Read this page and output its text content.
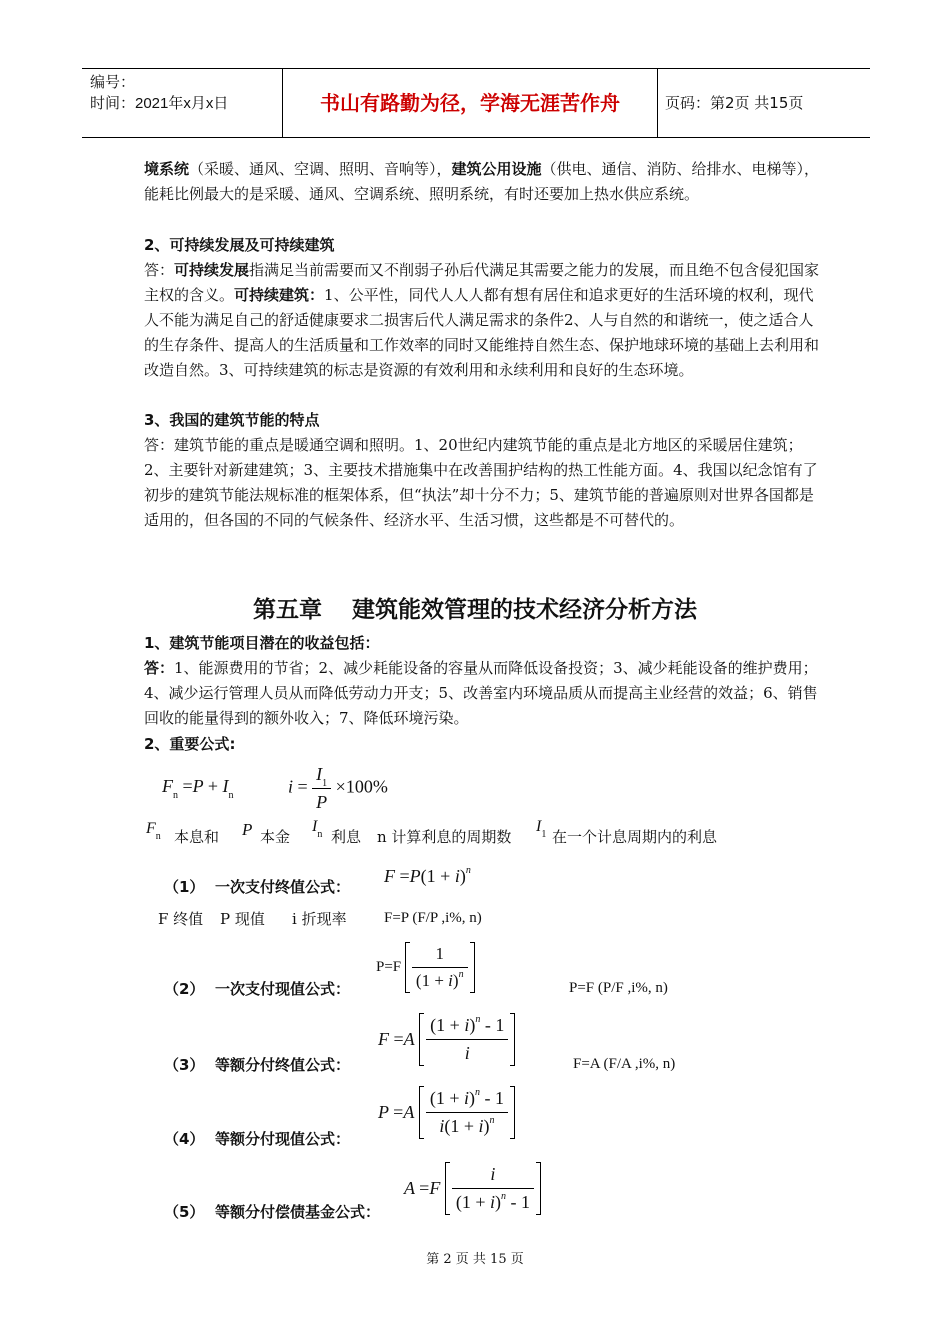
编号：
时间：2021年x月x日	书山有路勤为径，学海无涯苦作舟	页码：第2页 共15页
境系统（采暖、通风、空调、照明、音响等），建筑公用设施（供电、通信、消防、给排水、电梯等），能耗比例最大的是采暖、通风、空调系统、照明系统，有时还要加上热水供应系统。
2、可持续发展及可持续建筑
答：可持续发展指满足当前需要而又不削弱子孙后代满足其需要之能力的发展，而且绝不包含侵犯国家主权的含义。可持续建筑：1、公平性，同代人人人都有想有居住和追求更好的生活环境的权利，现代人不能为满足自己的舒适健康要求二损害后代人满足需求的条件2、人与自然的和谐统一，使之适合人的生存条件、提高人的生活质量和工作效率的同时又能维持自然生态、保护地球环境的基础上去利用和改造自然。3、可持续建筑的标志是资源的有效利用和永续利用和良好的生态环境。
3、我国的建筑节能的特点
答：建筑节能的重点是暖通空调和照明。1、20世纪内建筑节能的重点是北方地区的采暖居住建筑；2、主要针对新建建筑；3、主要技术措施集中在改善围护结构的热工性能方面。4、我国以纪念馆有了初步的建筑节能法规标准的框架体系，但“执法”却十分不力；5、建筑节能的普遍原则对世界各国都是适用的，但各国的不同的气候条件、经济水平、生活习惯，这些都是不可替代的。
第五章 建筑能效管理的技术经济分析方法
1、建筑节能项目潜在的收益包括：
答：1、能源费用的节省；2、减少耗能设备的容量从而降低设备投资；3、减少耗能设备的维护费用；4、减少运行管理人员从而降低劳动力开支；5、改善室内环境品质从而提高主业经营的效益；6、销售回收的能量得到的额外收入；7、降低环境污染。
2、重要公式:
$F_n =P + I_n$	$i = \frac{I_1}{P} \times 100\%$
$F_n$ 本息和 P 本金
$I_n$ 利息 n 计算利息的周期数
$I_1$ 在一个计息周期内的利息
（1） 一次支付终值公式：
$F =P(1 + i)^n$
F 终值 P 现值 i 折现率 F=P (F/P ,i%, n)
$P=F \frac{1}{(1 + i)^n}$
（2） 一次支付现值公式：	P=F (P/F ,i%, n)
$F =A \frac{(1 + i)^n - 1}{i}$
（3） 等额分付终值公式：	F=A (F/A ,i%, n)
$P =A \frac{(1 + i)^n - 1}{i(1 + i)^n}$
（4） 等额分付现值公式：
$A =F \frac{i}{(1 + i)^n - 1}$
（5） 等额分付偿债基金公式：
第 2 页 共 15 页
